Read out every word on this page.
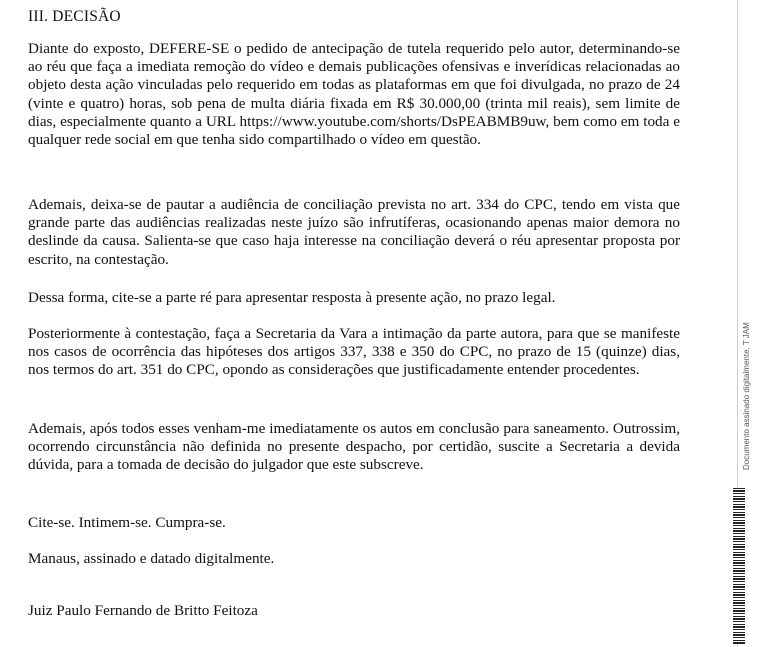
III. DECISÃO

Diante do exposto, DEFERE-SE o pedido de antecipação de tutela requerido pelo autor, determinando-se ao réu que faça a imediata remoção do vídeo e demais publicações ofensivas e inverídicas relacionadas ao objeto desta ação vinculadas pelo requerido em todas as plataformas em que foi divulgada, no prazo de 24 (vinte e quatro) horas, sob pena de multa diária fixada em R$ 30.000,00 (trinta mil reais), sem limite de dias, especialmente quanto a URL https://www.youtube.com/shorts/DsPEABMB9uw, bem como em toda e qualquer rede social em que tenha sido compartilhado o vídeo em questão.

Ademais, deixa-se de pautar a audiência de conciliação prevista no art. 334 do CPC, tendo em vista que grande parte das audiências realizadas neste juízo são infrutíferas, ocasionando apenas maior demora no deslinde da causa. Salienta-se que caso haja interesse na conciliação deverá o réu apresentar proposta por escrito, na contestação.

Dessa forma, cite-se a parte ré para apresentar resposta à presente ação, no prazo legal.

Posteriormente à contestação, faça a Secretaria da Vara a intimação da parte autora, para que se manifeste nos casos de ocorrência das hipóteses dos artigos 337, 338 e 350 do CPC, no prazo de 15 (quinze) dias, nos termos do art. 351 do CPC, opondo as considerações que justificadamente entender procedentes.

Ademais, após todos esses venham-me imediatamente os autos em conclusão para saneamento. Outrossim, ocorrendo circunstância não definida no presente despacho, por certidão, suscite a Secretaria a devida dúvida, para a tomada de decisão do julgador que este subscreve.

Cite-se. Intimem-se. Cumpra-se.

Manaus, assinado e datado digitalmente.

Juiz Paulo Fernando de Britto Feitoza

Documento assinado digitalmente. T JAM
